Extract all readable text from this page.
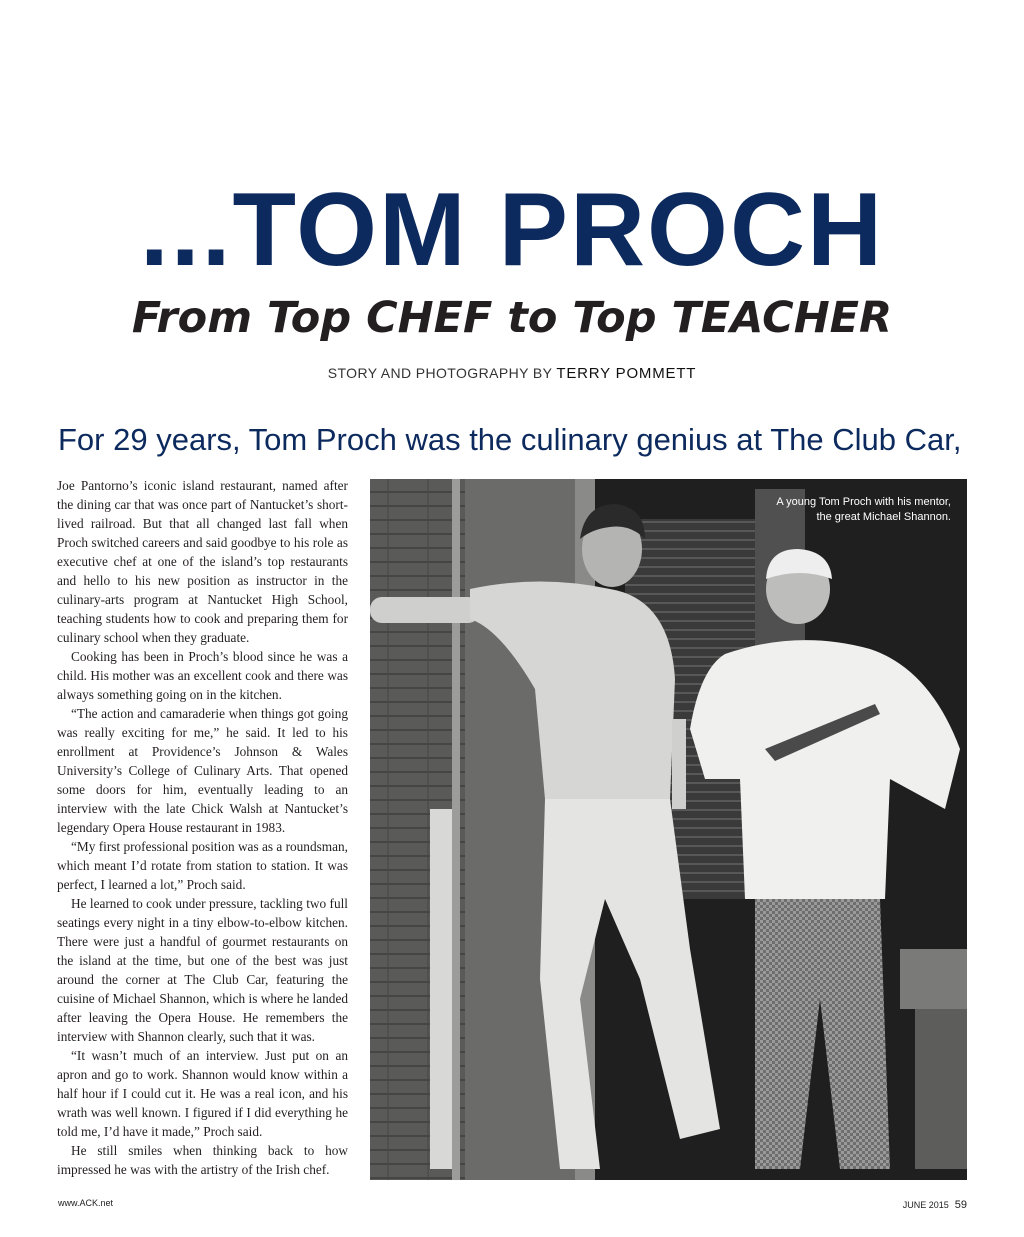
...TOM PROCH
From Top CHEF to Top TEACHER
STORY AND PHOTOGRAPHY BY TERRY POMMETT
For 29 years, Tom Proch was the culinary genius at The Club Car,

Joe Pantorno’s iconic island restaurant, named after the dining car that was once part of Nantucket’s short-lived railroad. But that all changed last fall when Proch switched careers and said goodbye to his role as executive chef at one of the island’s top restaurants and hello to his new position as instructor in the culinary-arts program at Nantucket High School, teaching students how to cook and preparing them for culinary school when they graduate.

Cooking has been in Proch’s blood since he was a child. His mother was an excellent cook and there was always something going on in the kitchen.

“The action and camaraderie when things got going was really exciting for me,” he said. It led to his enrollment at Providence’s Johnson & Wales University’s College of Culinary Arts. That opened some doors for him, eventually leading to an interview with the late Chick Walsh at Nantucket’s legendary Opera House restaurant in 1983.

“My first professional position was as a roundsman, which meant I’d rotate from station to station. It was perfect, I learned a lot,” Proch said.

He learned to cook under pressure, tackling two full seatings every night in a tiny elbow-to-elbow kitchen. There were just a handful of gourmet restaurants on the island at the time, but one of the best was just around the corner at The Club Car, featuring the cuisine of Michael Shannon, which is where he landed after leaving the Opera House. He remembers the interview with Shannon clearly, such that it was.

“It wasn’t much of an interview. Just put on an apron and go to work. Shannon would know within a half hour if I could cut it. He was a real icon, and his wrath was well known. I figured if I did everything he told me, I’d have it made,” Proch said.

He still smiles when thinking back to how impressed he was with the artistry of the Irish chef.

A young Tom Proch with his mentor,
the great Michael Shannon.
www.ACK.net	JUNE 2015 59
